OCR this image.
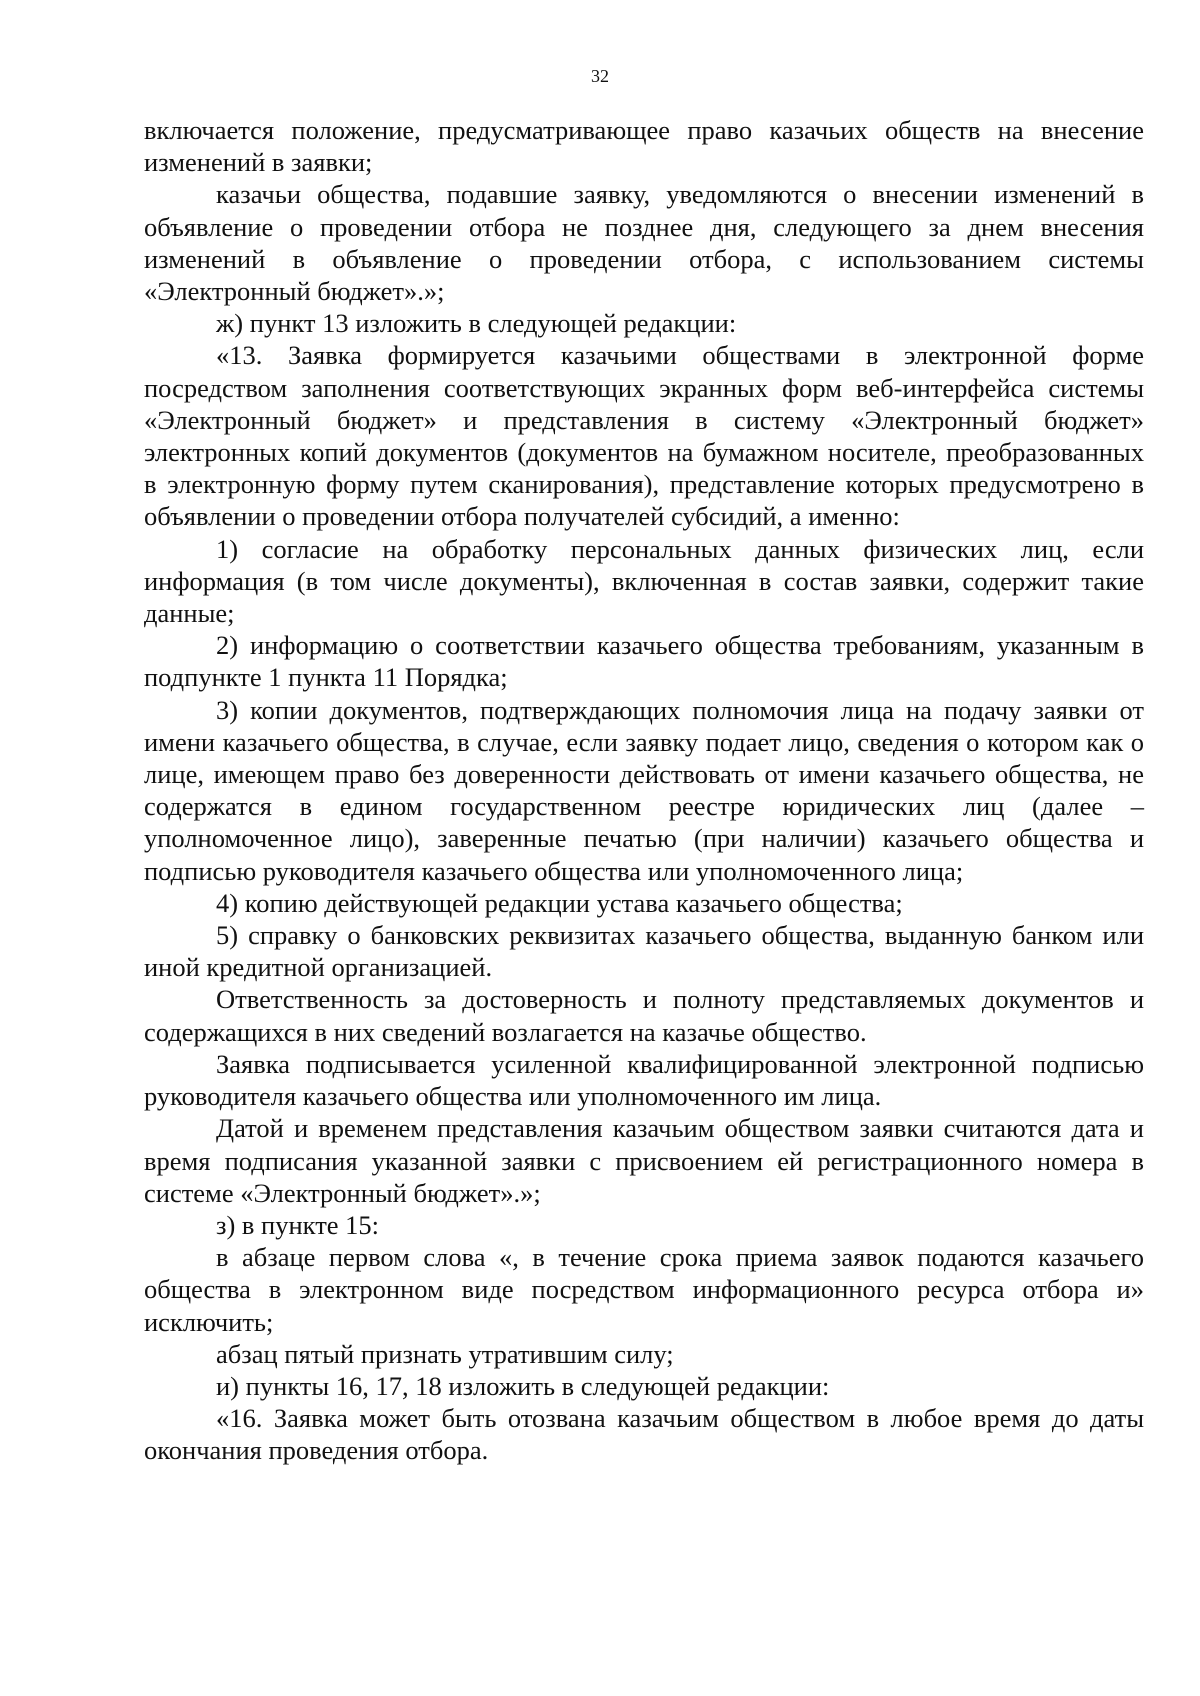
32

включается положение, предусматривающее право казачьих обществ на внесение изменений в заявки;

казачьи общества, подавшие заявку, уведомляются о внесении изменений в объявление о проведении отбора не позднее дня, следующего за днем внесения изменений в объявление о проведении отбора, с использованием системы «Электронный бюджет».»;

ж) пункт 13 изложить в следующей редакции:

«13. Заявка формируется казачьими обществами в электронной форме посредством заполнения соответствующих экранных форм веб-интерфейса системы «Электронный бюджет» и представления в систему «Электронный бюджет» электронных копий документов (документов на бумажном носителе, преобразованных в электронную форму путем сканирования), представление которых предусмотрено в объявлении о проведении отбора получателей субсидий, а именно:

1) согласие на обработку персональных данных физических лиц, если информация (в том числе документы), включенная в состав заявки, содержит такие данные;

2) информацию о соответствии казачьего общества требованиям, указанным в подпункте 1 пункта 11 Порядка;

3) копии документов, подтверждающих полномочия лица на подачу заявки от имени казачьего общества, в случае, если заявку подает лицо, сведения о котором как о лице, имеющем право без доверенности действовать от имени казачьего общества, не содержатся в едином государственном реестре юридических лиц (далее – уполномоченное лицо), заверенные печатью (при наличии) казачьего общества и подписью руководителя казачьего общества или уполномоченного лица;

4) копию действующей редакции устава казачьего общества;

5) справку о банковских реквизитах казачьего общества, выданную банком или иной кредитной организацией.

Ответственность за достоверность и полноту представляемых документов и содержащихся в них сведений возлагается на казачье общество.

Заявка подписывается усиленной квалифицированной электронной подписью руководителя казачьего общества или уполномоченного им лица.

Датой и временем представления казачьим обществом заявки считаются дата и время подписания указанной заявки с присвоением ей регистрационного номера в системе «Электронный бюджет».»;

з) в пункте 15:

в абзаце первом слова «, в течение срока приема заявок подаются казачьего общества в электронном виде посредством информационного ресурса отбора и» исключить;

абзац пятый признать утратившим силу;

и) пункты 16, 17, 18 изложить в следующей редакции:

«16. Заявка может быть отозвана казачьим обществом в любое время до даты окончания проведения отбора.
